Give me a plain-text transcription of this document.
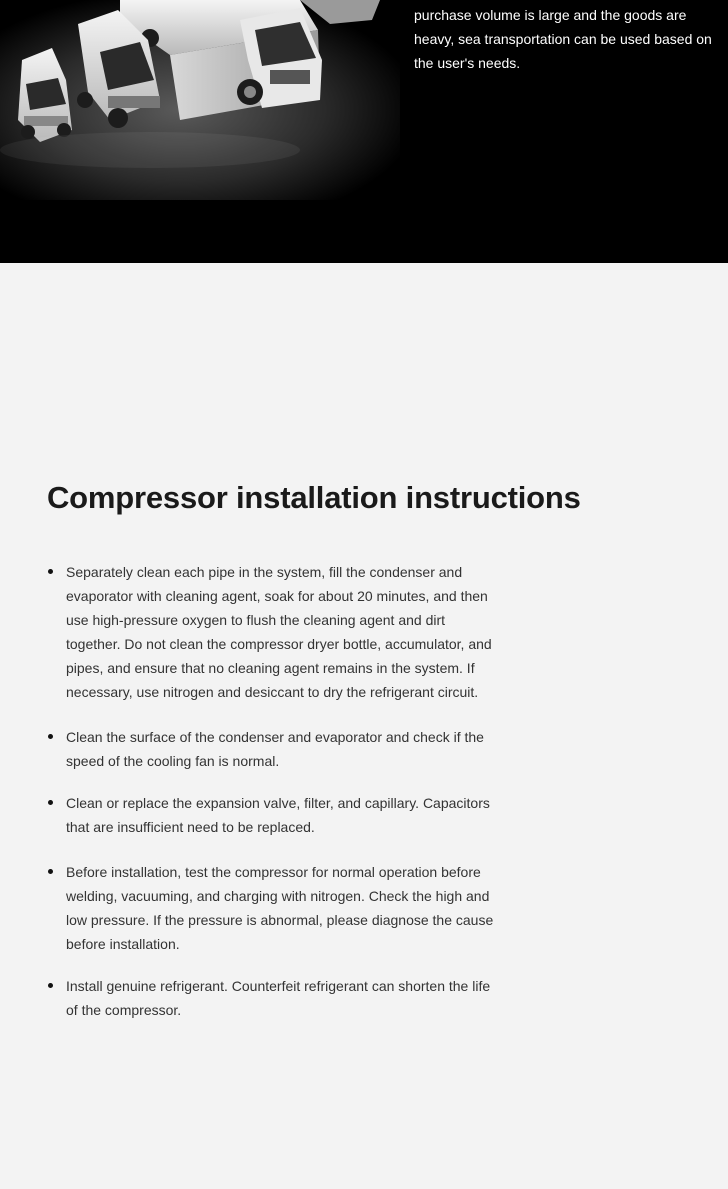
purchase volume is large and the goods are heavy, sea transportation can be used based on the user's needs.

Compressor installation instructions
Separately clean each pipe in the system, fill the condenser and evaporator with cleaning agent, soak for about 20 minutes, and then use high-pressure oxygen to flush the cleaning agent and dirt together. Do not clean the compressor dryer bottle, accumulator, and pipes, and ensure that no cleaning agent remains in the system. If necessary, use nitrogen and desiccant to dry the refrigerant circuit.
Clean the surface of the condenser and evaporator and check if the speed of the cooling fan is normal.
Clean or replace the expansion valve, filter, and capillary. Capacitors that are insufficient need to be replaced.
Before installation, test the compressor for normal operation before welding, vacuuming, and charging with nitrogen. Check the high and low pressure. If the pressure is abnormal, please diagnose the cause before installation.
Install genuine refrigerant. Counterfeit refrigerant can shorten the life of the compressor.
